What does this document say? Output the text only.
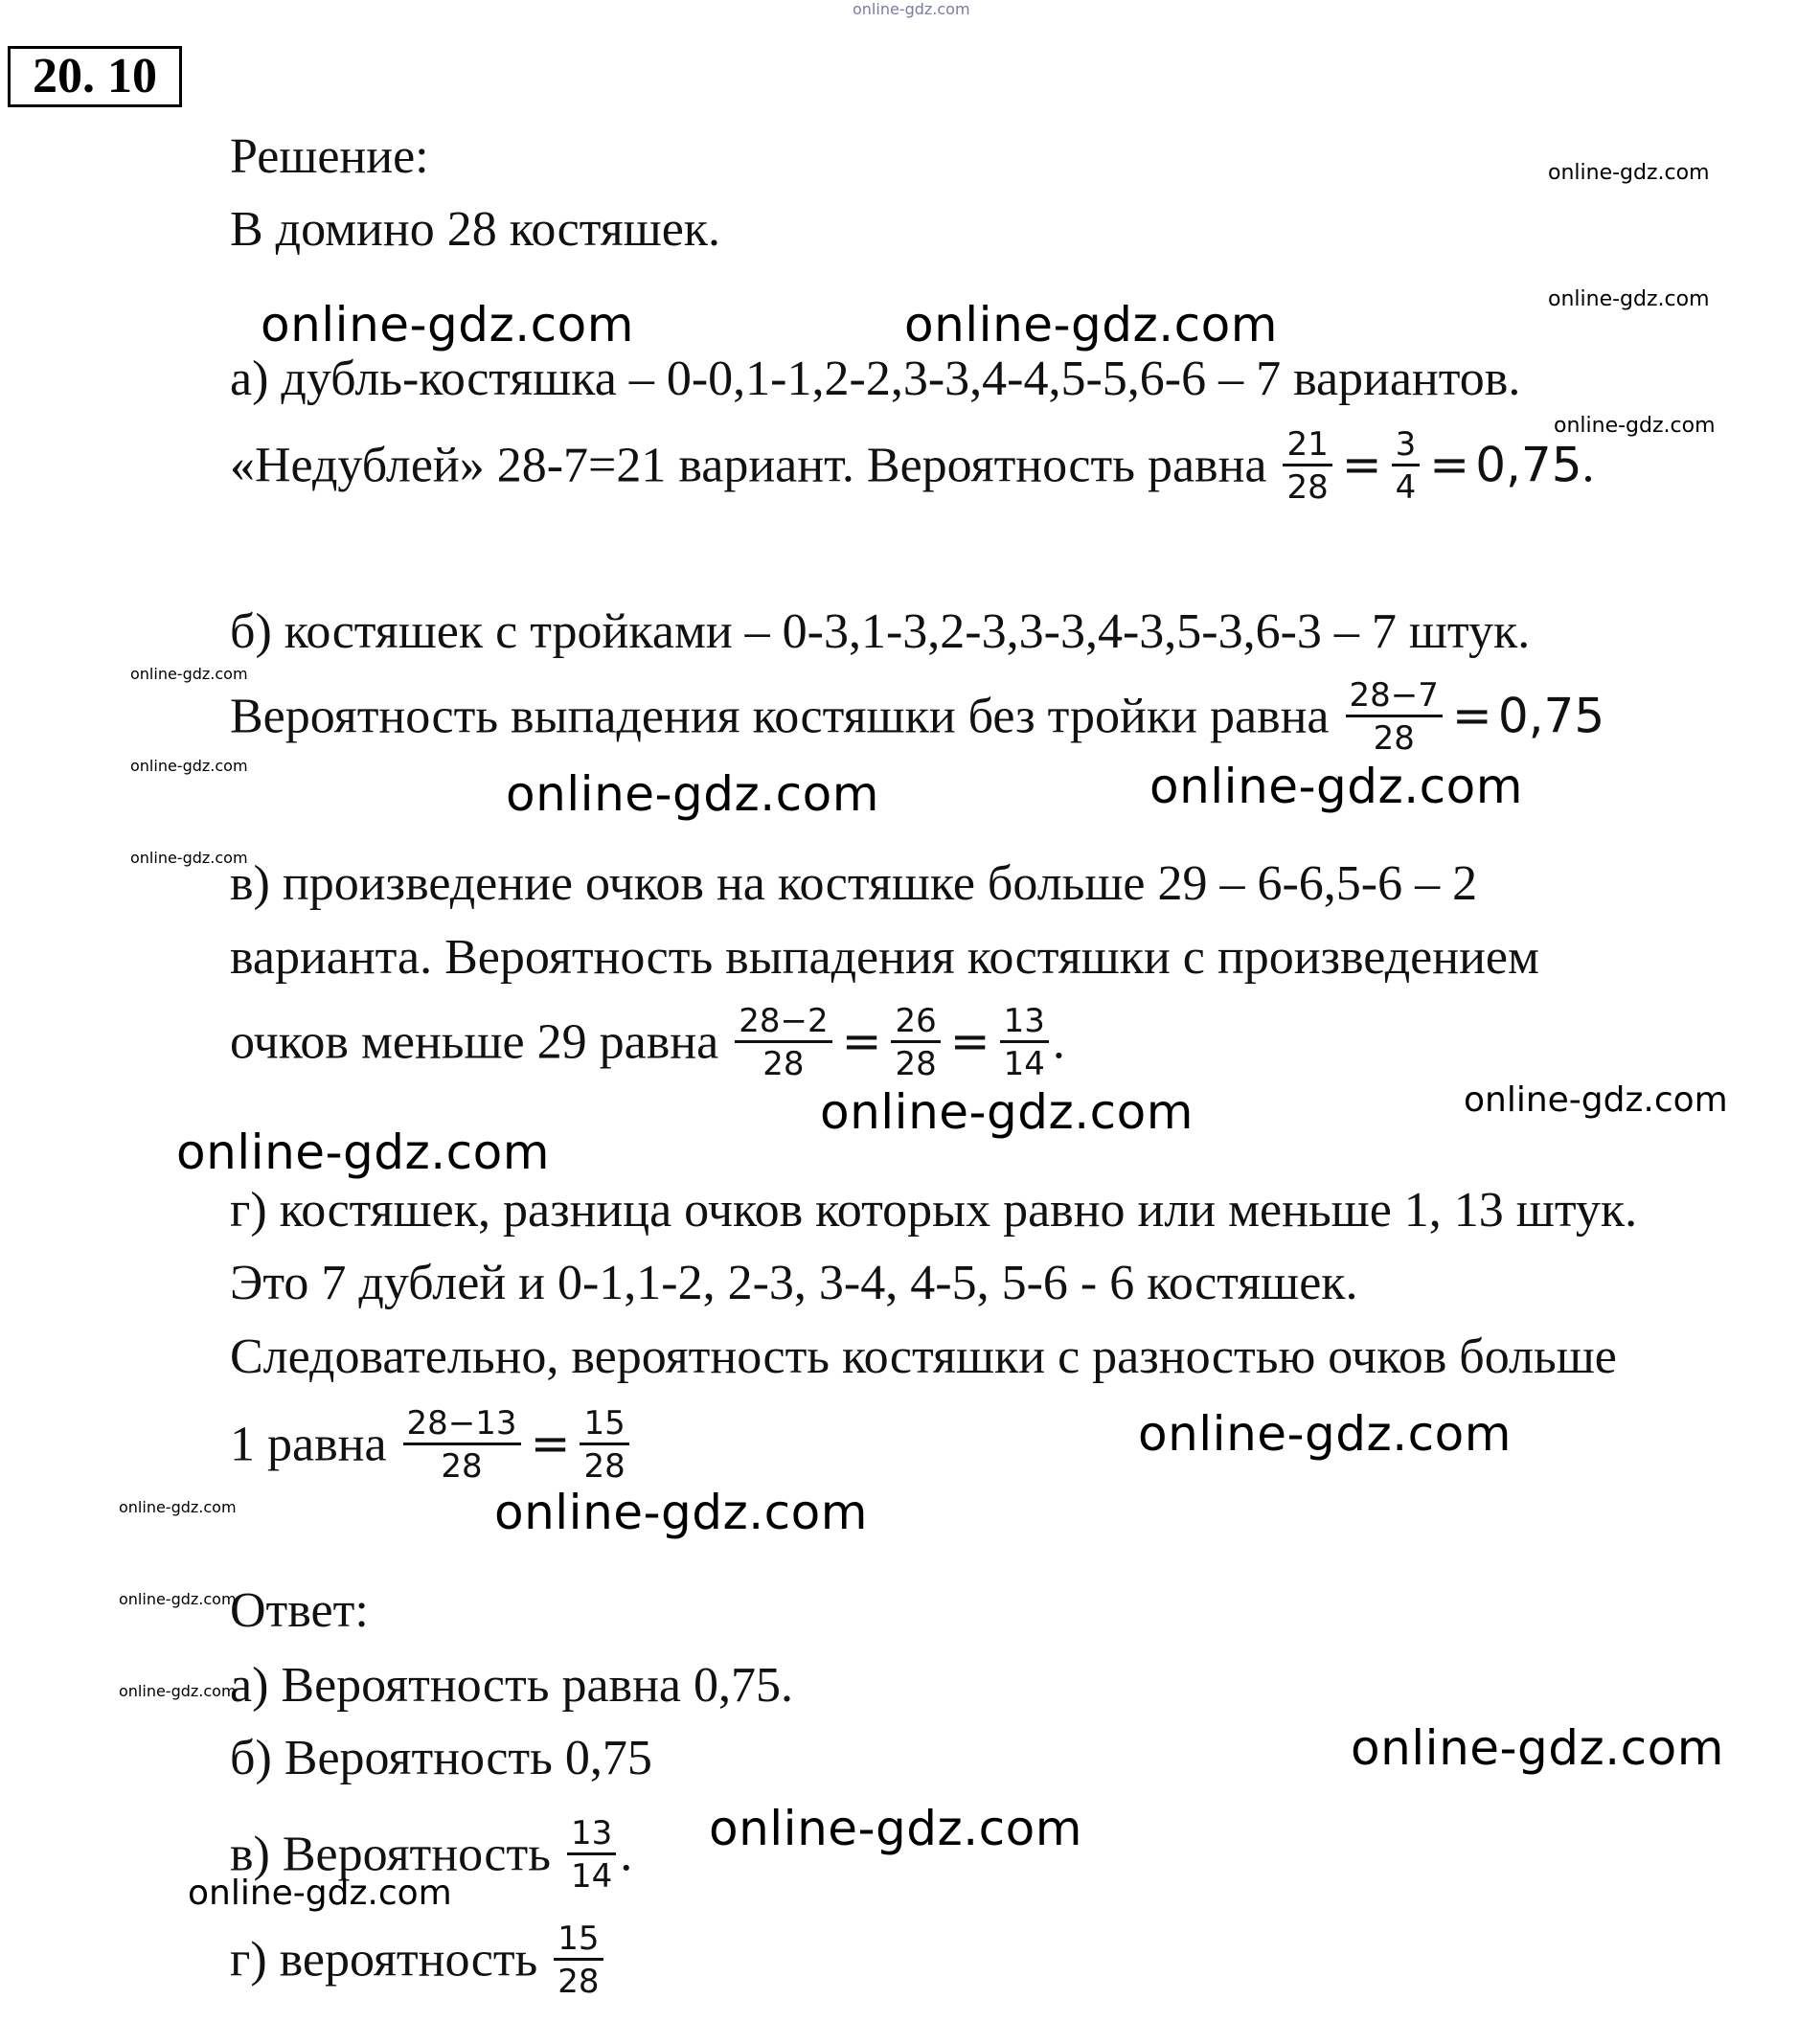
online-gdz.com
20. 10
Решение:
В домино 28 костяшек.
а) дубль-костяшка – 0-0,1-1,2-2,3-3,4-4,5-5,6-6 – 7 вариантов.
«Недублей» 28-7=21 вариант. Вероятность равна $\frac{21}{28} = \frac{3}{4} = 0,75$.
б) костяшек с тройками – 0-3,1-3,2-3,3-3,4-3,5-3,6-3 – 7 штук.
Вероятность выпадения костяшки без тройки равна $\frac{28-7}{28} = 0,75$
в) произведение очков на костяшке больше 29 – 6-6,5-6 – 2
варианта. Вероятность выпадения костяшки с произведением
очков меньше 29 равна $\frac{28-2}{28} = \frac{26}{28} = \frac{13}{14}$ .
г) костяшек, разница очков которых равно или меньше 1, 13 штук.
Это 7 дублей и 0-1,1-2, 2-3, 3-4, 4-5, 5-6 - 6 костяшек.
Следовательно, вероятность костяшки с разностью очков больше
1 равна $\frac{28-13}{28} = \frac{15}{28}$
Ответ:
а) Вероятность равна 0,75.
б) Вероятность 0,75
в) Вероятность $\frac{13}{14}$ .
г) вероятность $\frac{15}{28}$
online-gdz.com
online-gdz.com
online-gdz.com	online-gdz.com
online-gdz.com
online-gdz.com
online-gdz.com
online-gdz.com	online-gdz.com
online-gdz.com
online-gdz.com	online-gdz.com
online-gdz.com
online-gdz.com
online-gdz.com	online-gdz.com
online-gdz.com
online-gdz.com
online-gdz.com
online-gdz.com
online-gdz.com
